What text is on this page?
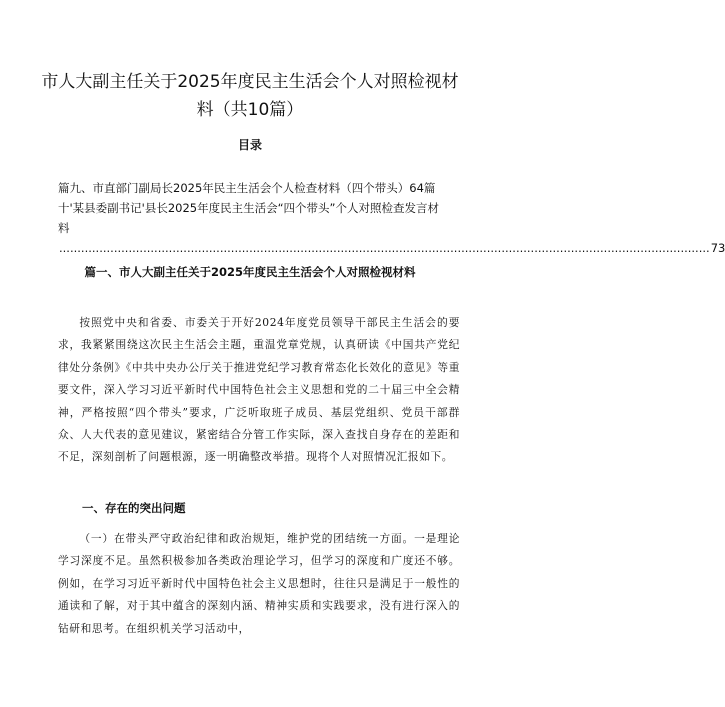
市人大副主任关于2025年度民主生活会个人对照检视材料（共10篇）
目录
篇九、市直部门副局长2025年民主生活会个人检查材料（四个带头）64篇十'某县委副书记'县长2025年度民主生活会“四个带头”个人对照检查发言材料
.................................................................................................................................................................................. 73
篇一、市人大副主任关于2025年度民主生活会个人对照检视材料

按照党中央和省委、市委关于开好2024年度党员领导干部民主生活会的要求，我紧紧围绕这次民主生活会主题，重温党章党规，认真研读《中国共产党纪律处分条例》《中共中央办公厅关于推进党纪学习教育常态化长效化的意见》等重要文件，深入学习习近平新时代中国特色社会主义思想和党的二十届三中全会精神，严格按照“四个带头”要求，广泛听取班子成员、基层党组织、党员干部群众、人大代表的意见建议，紧密结合分管工作实际，深入查找自身存在的差距和不足，深刻剖析了问题根源，逐一明确整改举措。现将个人对照情况汇报如下。

一、存在的突出问题

（一）在带头严守政治纪律和政治规矩，维护党的团结统一方面。一是理论学习深度不足。虽然积极参加各类政治理论学习，但学习的深度和广度还不够。例如，在学习习近平新时代中国特色社会主义思想时，往往只是满足于一般性的通读和了解，对于其中蕴含的深刻内涵、精神实质和实践要求，没有进行深入的钻研和思考。在组织机关学习活动中，
